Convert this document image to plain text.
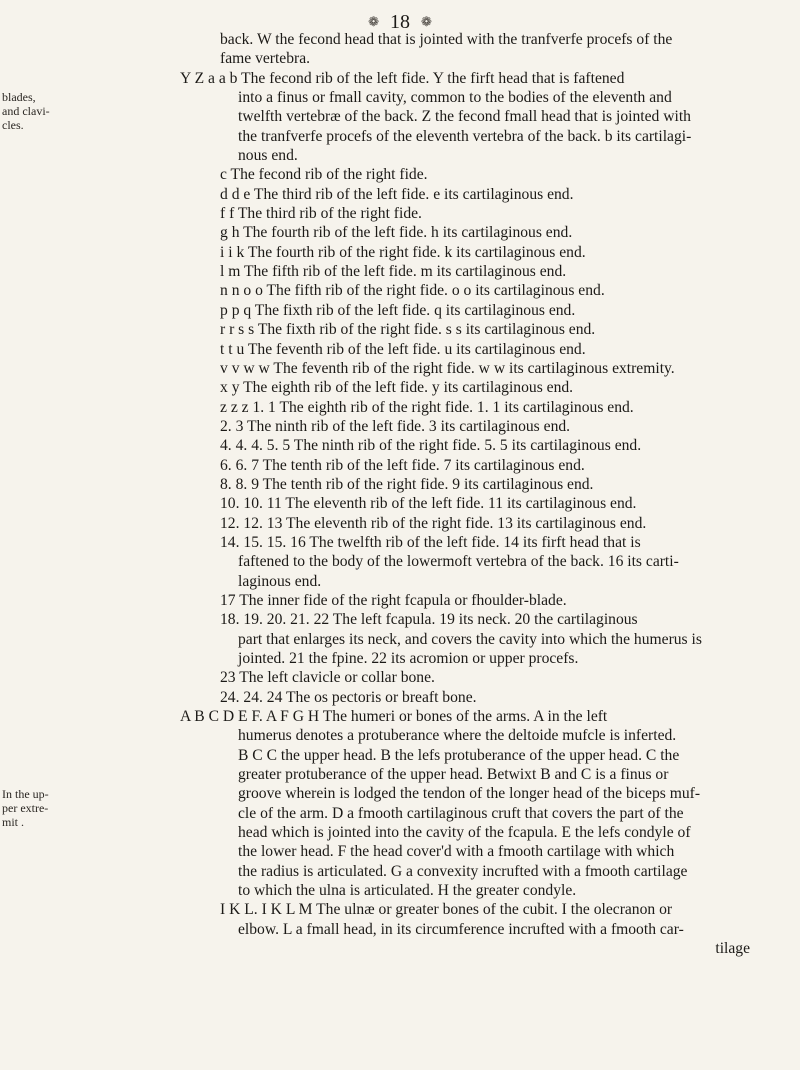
❁ 18 ❁
blades,
and clavi-
cles.
In the up-
per extre-
mit .
back. W the fecond head that is jointed with the tranfverfe procefs of the
fame vertebra.
Y Z a a b The fecond rib of the left fide. Y the firft head that is faftened
into a finus or fmall cavity, common to the bodies of the eleventh and
twelfth vertebræ of the back. Z the fecond fmall head that is jointed with
the tranfverfe procefs of the eleventh vertebra of the back. b its cartilagi-
nous end.
c The fecond rib of the right fide.
d d e The third rib of the left fide. e its cartilaginous end.
f f The third rib of the right fide.
g h The fourth rib of the left fide. h its cartilaginous end.
i i k The fourth rib of the right fide. k its cartilaginous end.
l m The fifth rib of the left fide. m its cartilaginous end.
n n o o The fifth rib of the right fide. o o its cartilaginous end.
p p q The fixth rib of the left fide. q its cartilaginous end.
r r s s The fixth rib of the right fide. s s its cartilaginous end.
t t u The feventh rib of the left fide. u its cartilaginous end.
v v w w The feventh rib of the right fide. w w its cartilaginous extremity.
x y The eighth rib of the left fide. y its cartilaginous end.
z z z 1. 1 The eighth rib of the right fide. 1. 1 its cartilaginous end.
2. 3 The ninth rib of the left fide. 3 its cartilaginous end.
4. 4. 4. 5. 5 The ninth rib of the right fide. 5. 5 its cartilaginous end.
6. 6. 7 The tenth rib of the left fide. 7 its cartilaginous end.
8. 8. 9 The tenth rib of the right fide. 9 its cartilaginous end.
10. 10. 11 The eleventh rib of the left fide. 11 its cartilaginous end.
12. 12. 13 The eleventh rib of the right fide. 13 its cartilaginous end.
14. 15. 15. 16 The twelfth rib of the left fide. 14 its firft head that is
faftened to the body of the lowermoft vertebra of the back. 16 its carti-
laginous end.
17 The inner fide of the right fcapula or fhoulder-blade.
18. 19. 20. 21. 22 The left fcapula. 19 its neck. 20 the cartilaginous
part that enlarges its neck, and covers the cavity into which the humerus is
jointed. 21 the fpine. 22 its acromion or upper procefs.
23 The left clavicle or collar bone.
24. 24. 24 The os pectoris or breaft bone.
A B C D E F. A F G H The humeri or bones of the arms. A in the left
humerus denotes a protuberance where the deltoide mufcle is inferted.
B C C the upper head. B the lefs protuberance of the upper head. C the
greater protuberance of the upper head. Betwixt B and C is a finus or
groove wherein is lodged the tendon of the longer head of the biceps muf-
cle of the arm. D a fmooth cartilaginous cruft that covers the part of the
head which is jointed into the cavity of the fcapula. E the lefs condyle of
the lower head. F the head cover'd with a fmooth cartilage with which
the radius is articulated. G a convexity incrufted with a fmooth cartilage
to which the ulna is articulated. H the greater condyle.
I K L. I K L M The ulnæ or greater bones of the cubit. I the olecranon or
elbow. L a fmall head, in its circumference incrufted with a fmooth car-
tilage
